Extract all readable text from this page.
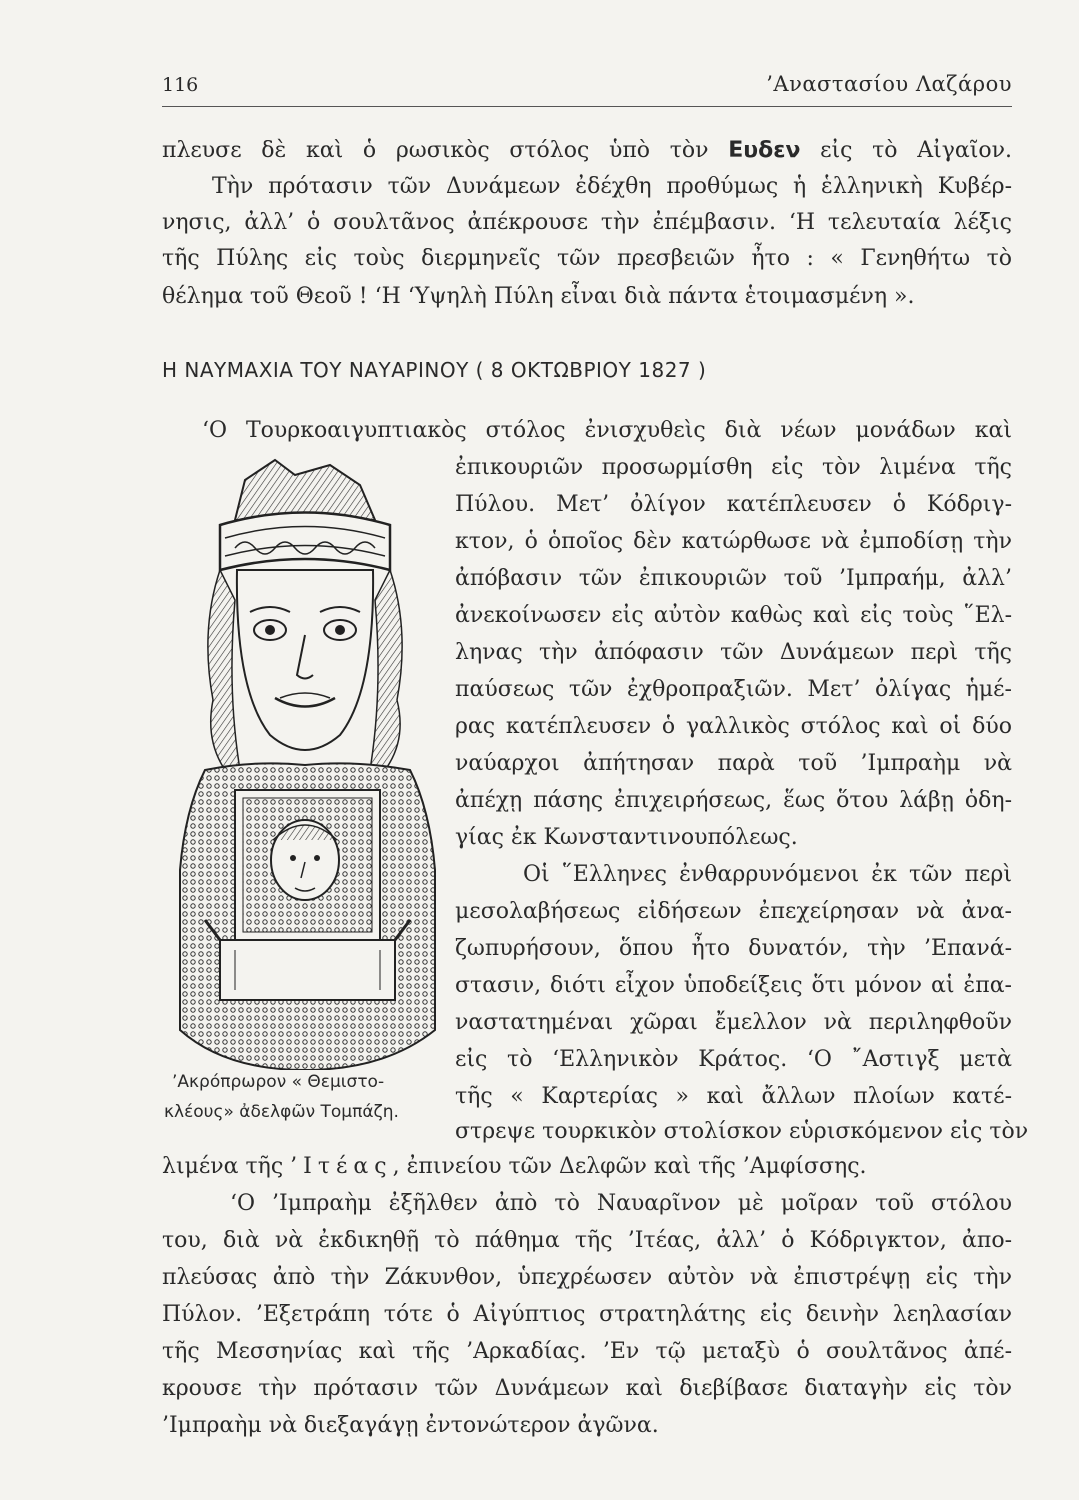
116	’Αναστασίου Λαζάρου
πλευσε δὲ καὶ ὁ ρωσικὸς στόλος ὑπὸ τὸν Ευδεν εἰς τὸ Αἰγαῖον.
Τὴν πρότασιν τῶν Δυνάμεων ἐδέχθη προθύμως ἡ ἑλληνικὴ Κυβέρ-
νησις, ἀλλ’ ὁ σουλτᾶνος ἀπέκρουσε τὴν ἐπέμβασιν. ‘Η τελευταία λέξις
τῆς Πύλης εἰς τοὺς διερμηνεῖς τῶν πρεσβειῶν ἦτο : « Γενηθήτω τὸ
θέλημα τοῦ Θεοῦ ! ‘Η ‘Υψηλὴ Πύλη εἶναι διὰ πάντα ἑτοιμασμένη ».
Η ΝΑΥΜΑΧΙΑ ΤΟΥ ΝΑΥΑΡΙΝΟΥ ( 8 ΟΚΤΩΒΡΙΟΥ 1827 )
‘Ο Τουρκοαιγυπτιακὸς στόλος ἐνισχυθεὶς διὰ νέων μονάδων καὶ
ἐπικουριῶν προσωρμίσθη εἰς τὸν λιμένα τῆς
Πύλου. Μετ’ ὀλίγον κατέπλευσεν ὁ Κόδριγ-
κτον, ὁ ὁποῖος δὲν κατώρθωσε νὰ ἐμποδίσῃ τὴν
ἀπόβασιν τῶν ἐπικουριῶν τοῦ ’Ιμπραήμ, ἀλλ’
ἀνεκοίνωσεν εἰς αὐτὸν καθὼς καὶ εἰς τοὺς ῞Ελ-
ληνας τὴν ἀπόφασιν τῶν Δυνάμεων περὶ τῆς
παύσεως τῶν ἐχθροπραξιῶν. Μετ’ ὀλίγας ἡμέ-
ρας κατέπλευσεν ὁ γαλλικὸς στόλος καὶ οἱ δύο
ναύαρχοι ἀπήτησαν παρὰ τοῦ ’Ιμπραὴμ νὰ
ἀπέχῃ πάσης ἐπιχειρήσεως, ἕως ὅτου λάβῃ ὁδη-
γίας ἐκ Κωνσταντινουπόλεως.
Οἱ ῞Ελληνες ἐνθαρρυνόμενοι ἐκ τῶν περὶ
μεσολαβήσεως εἰδήσεων ἐπεχείρησαν νὰ ἀνα-
ζωπυρήσουν, ὅπου ἦτο δυνατόν, τὴν ’Επανά-
στασιν, διότι εἶχον ὑποδείξεις ὅτι μόνον αἱ ἐπα-
ναστατημέναι χῶραι ἔμελλον νὰ περιληφθοῦν
εἰς τὸ ‘Ελληνικὸν Κράτος. ‘Ο ῎Αστιγξ μετὰ
τῆς « Καρτερίας » καὶ ἄλλων πλοίων κατέ-
στρεψε τουρκικὸν στολίσκον εὑρισκόμενον εἰς τὸν
λιμένα τῆς ’Ιτέας, ἐπινείου τῶν Δελφῶν καὶ τῆς ’Αμφίσσης.
’Ακρόπρωρον « Θεμιστο-
κλέους» ἀδελφῶν Τομπάζη.
‘Ο ’Ιμπραὴμ ἐξῆλθεν ἀπὸ τὸ Ναυαρῖνον μὲ μοῖραν τοῦ στόλου
του, διὰ νὰ ἐκδικηθῇ τὸ πάθημα τῆς ’Ιτέας, ἀλλ’ ὁ Κόδριγκτον, ἀπο-
πλεύσας ἀπὸ τὴν Ζάκυνθον, ὑπεχρέωσεν αὐτὸν νὰ ἐπιστρέψῃ εἰς τὴν
Πύλον. ’Εξετράπη τότε ὁ Αἰγύπτιος στρατηλάτης εἰς δεινὴν λεηλασίαν
τῆς Μεσσηνίας καὶ τῆς ’Αρκαδίας. ’Εν τῷ μεταξὺ ὁ σουλτᾶνος ἀπέ-
κρουσε τὴν πρότασιν τῶν Δυνάμεων καὶ διεβίβασε διαταγὴν εἰς τὸν
’Ιμπραὴμ νὰ διεξαγάγῃ ἐντονώτερον ἀγῶνα.
